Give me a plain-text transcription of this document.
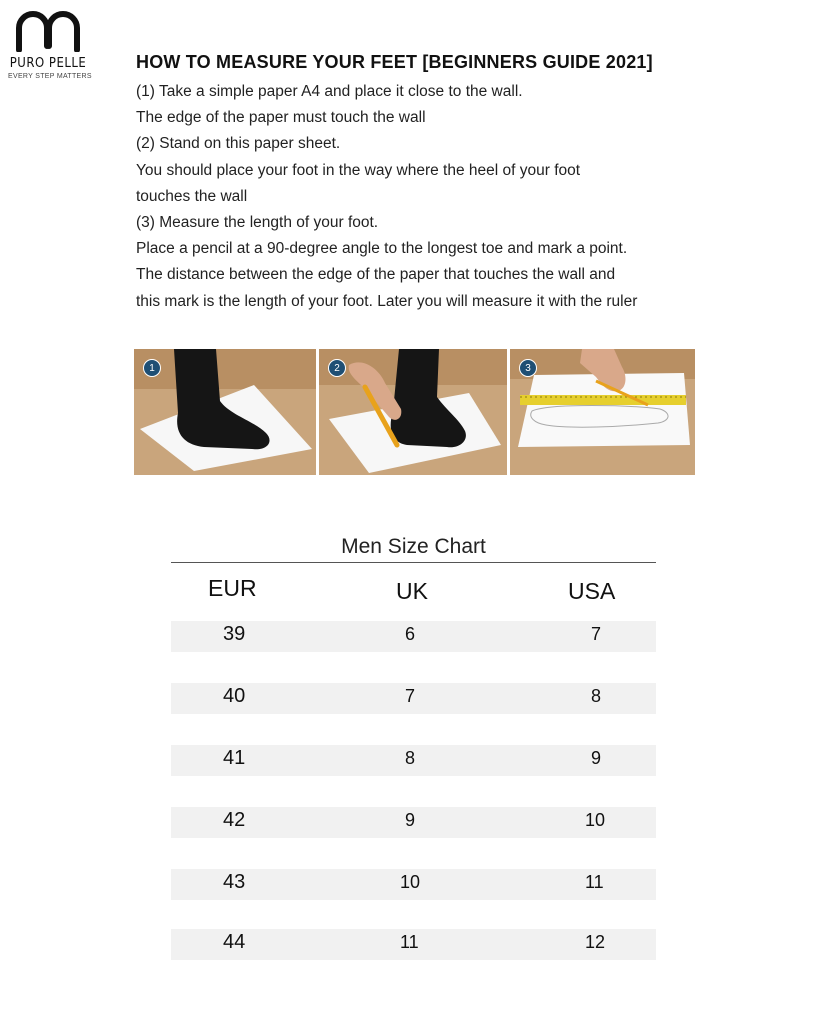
PURO PELLE
EVERY STEP MATTERS
HOW TO MEASURE YOUR FEET [BEGINNERS GUIDE 2021]
(1) Take a simple paper A4 and place it close to the wall.
The edge of the paper must touch the wall
(2) Stand on this paper sheet.
You should place your foot in the way where the heel of your foot
touches the wall
(3) Measure the length of your foot.
Place a pencil at a 90-degree angle to the longest toe and mark a point.
The distance between the edge of the paper that touches the wall and
this mark is the length of your foot. Later you will measure it with the ruler
1	2	3
Men Size Chart
EUR	UK	USA
39	6	7
40	7	8
41	8	9
42	9	10
43	10	11
44	11	12
